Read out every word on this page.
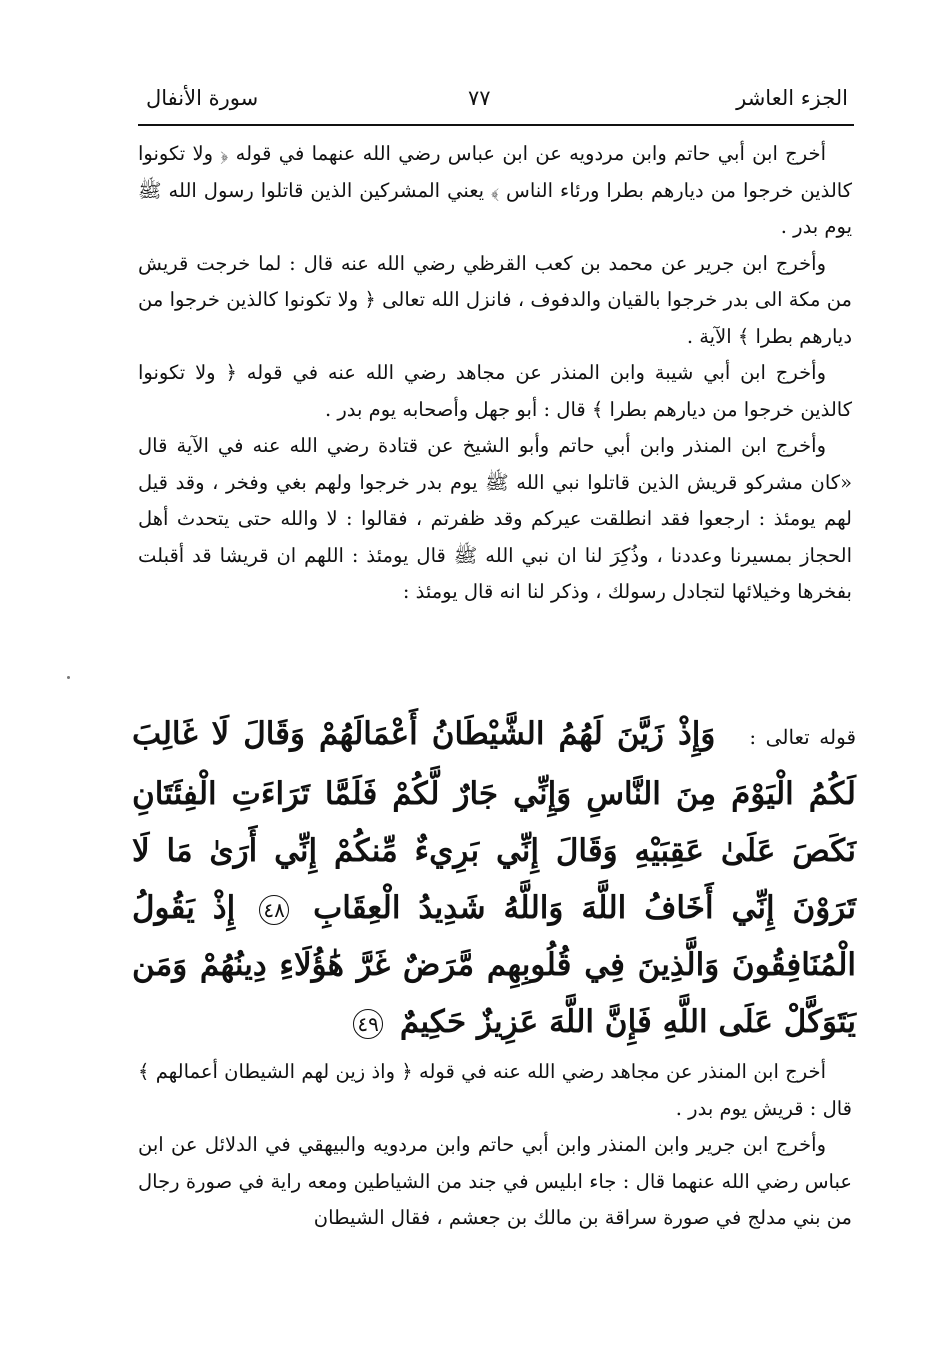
الجزء العاشر
٧٧
سورة الأنفال

أخرج ابن أبي حاتم وابن مردويه عن ابن عباس رضي الله عنهما في قوله ﴿ ولا تكونوا كالذين خرجوا من ديارهم بطرا ورئاء الناس ﴾ يعني المشركين الذين قاتلوا رسول الله ﷺ يوم بدر .

وأخرج ابن جرير عن محمد بن كعب القرظي رضي الله عنه قال : لما خرجت قريش من مكة الى بدر خرجوا بالقيان والدفوف ، فانزل الله تعالى ﴿ ولا تكونوا كالذين خرجوا من ديارهم بطرا ﴾ الآية .

وأخرج ابن أبي شيبة وابن المنذر عن مجاهد رضي الله عنه في قوله ﴿ ولا تكونوا كالذين خرجوا من ديارهم بطرا ﴾ قال : أبو جهل وأصحابه يوم بدر .

وأخرج ابن المنذر وابن أبي حاتم وأبو الشيخ عن قتادة رضي الله عنه في الآية قال «كان مشركو قريش الذين قاتلوا نبي الله ﷺ يوم بدر خرجوا ولهم بغي وفخر ، وقد قيل لهم يومئذ : ارجعوا فقد انطلقت عيركم وقد ظفرتم ، فقالوا : لا والله حتى يتحدث أهل الحجاز بمسيرنا وعددنا ، وذُكِرَ لنا ان نبي الله ﷺ قال يومئذ : اللهم ان قريشا قد أقبلت بفخرها وخيلائها لتجادل رسولك ، وذكر لنا انه قال يومئذ :

قوله تعالى : وَإِذْ زَيَّنَ لَهُمُ الشَّيْطَانُ أَعْمَالَهُمْ وَقَالَ لَا غَالِبَ لَكُمُ الْيَوْمَ مِنَ النَّاسِ وَإِنِّي جَارٌ لَّكُمْ فَلَمَّا تَرَاءَتِ الْفِئَتَانِ نَكَصَ عَلَىٰ عَقِبَيْهِ وَقَالَ إِنِّي بَرِيءٌ مِّنكُمْ إِنِّي أَرَىٰ مَا لَا تَرَوْنَ إِنِّي أَخَافُ اللَّهَ وَاللَّهُ شَدِيدُ الْعِقَابِ ٤٨ إِذْ يَقُولُ الْمُنَافِقُونَ وَالَّذِينَ فِي قُلُوبِهِم مَّرَضٌ غَرَّ هَٰؤُلَاءِ دِينُهُمْ وَمَن يَتَوَكَّلْ عَلَى اللَّهِ فَإِنَّ اللَّهَ عَزِيزٌ حَكِيمٌ ٤٩

أخرج ابن المنذر عن مجاهد رضي الله عنه في قوله ﴿ واذ زين لهم الشيطان أعمالهم ﴾ قال : قريش يوم بدر .

وأخرج ابن جرير وابن المنذر وابن أبي حاتم وابن مردويه والبيهقي في الدلائل عن ابن عباس رضي الله عنهما قال : جاء ابليس في جند من الشياطين ومعه راية في صورة رجال من بني مدلج في صورة سراقة بن مالك بن جعشم ، فقال الشيطان
